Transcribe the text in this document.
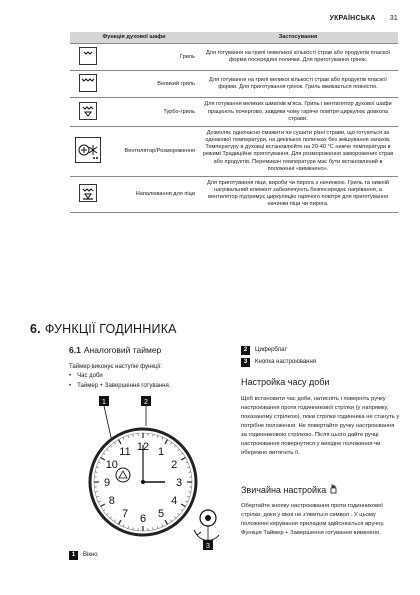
УКРАЇНСЬКА 31
Функція духової шафи		Застосування
	Гриль	Для готування на грилі невеликої кількості страв або продуктів пласкої форми посередині полички. Для приготування грінок.
	Великий гриль	Для готування на грилі великої кількості страв або продуктів пласкої форми. Для приготування грінок. Гриль вмикається повністю.
	Турбо-гриль	Для готування великих шматків м'яса. Гриль і вентилятор духової шафи працюють почергово, завдяки чому гаряче повітря циркулює довкола страви.
	Вентилятор/Розмороження	Дозволяє одночасно смажити чи сушити різні страви, що готуються за однакової температури, на декількох поличках без змішування запахів. Температуру в духовці встановлюйте на 20-40 °C нижче температури в режимі Традиційне приготування. Для розмороження заморожених страв або продуктів. Перемикач температури має бути встановлений в положенні «вимкнено».
	Напалювання для піци	Для приготування піци, вироби чи пирога з начинкою. Гриль та нижній нагрівальний елемент забезпечують безпосереднє нагрівання, а вентилятор підтримує циркуляцію гарячого повітря для приготування начинки піци чи пирога.
6. ФУНКЦІЇ ГОДИННИКА
6.1 Аналоговий таймер
Таймер виконує наступні функції:
• Час доби
• Таймер + Завершення готування.
1	2
12 1
2
3
4
5
6
7
8
9
10
11
3
1 Вікно
2 Циферблат
3 Кнопка настроювання
Настройка часу доби
Щоб встановити час доби, натисніть і поверніть ручку настроювання проти годинникової стрілки (у напрямку, показаному стрілкою), поки стрілки годинника не стануть у потрібне положення. Не повертайте ручку настроювання за годинниковою стрілкою. Після цього дайте ручці настроювання повернутися у вихідне положення чи обережно витягніть її.
Звичайна настройка
Обертайте кнопку настроювання проти годинникової стрілки, доки у вікні не з'явиться символ . У цьому положенні керування приладом здійснюється вручну. Функція Таймер + Завершення готування вимкнено.
